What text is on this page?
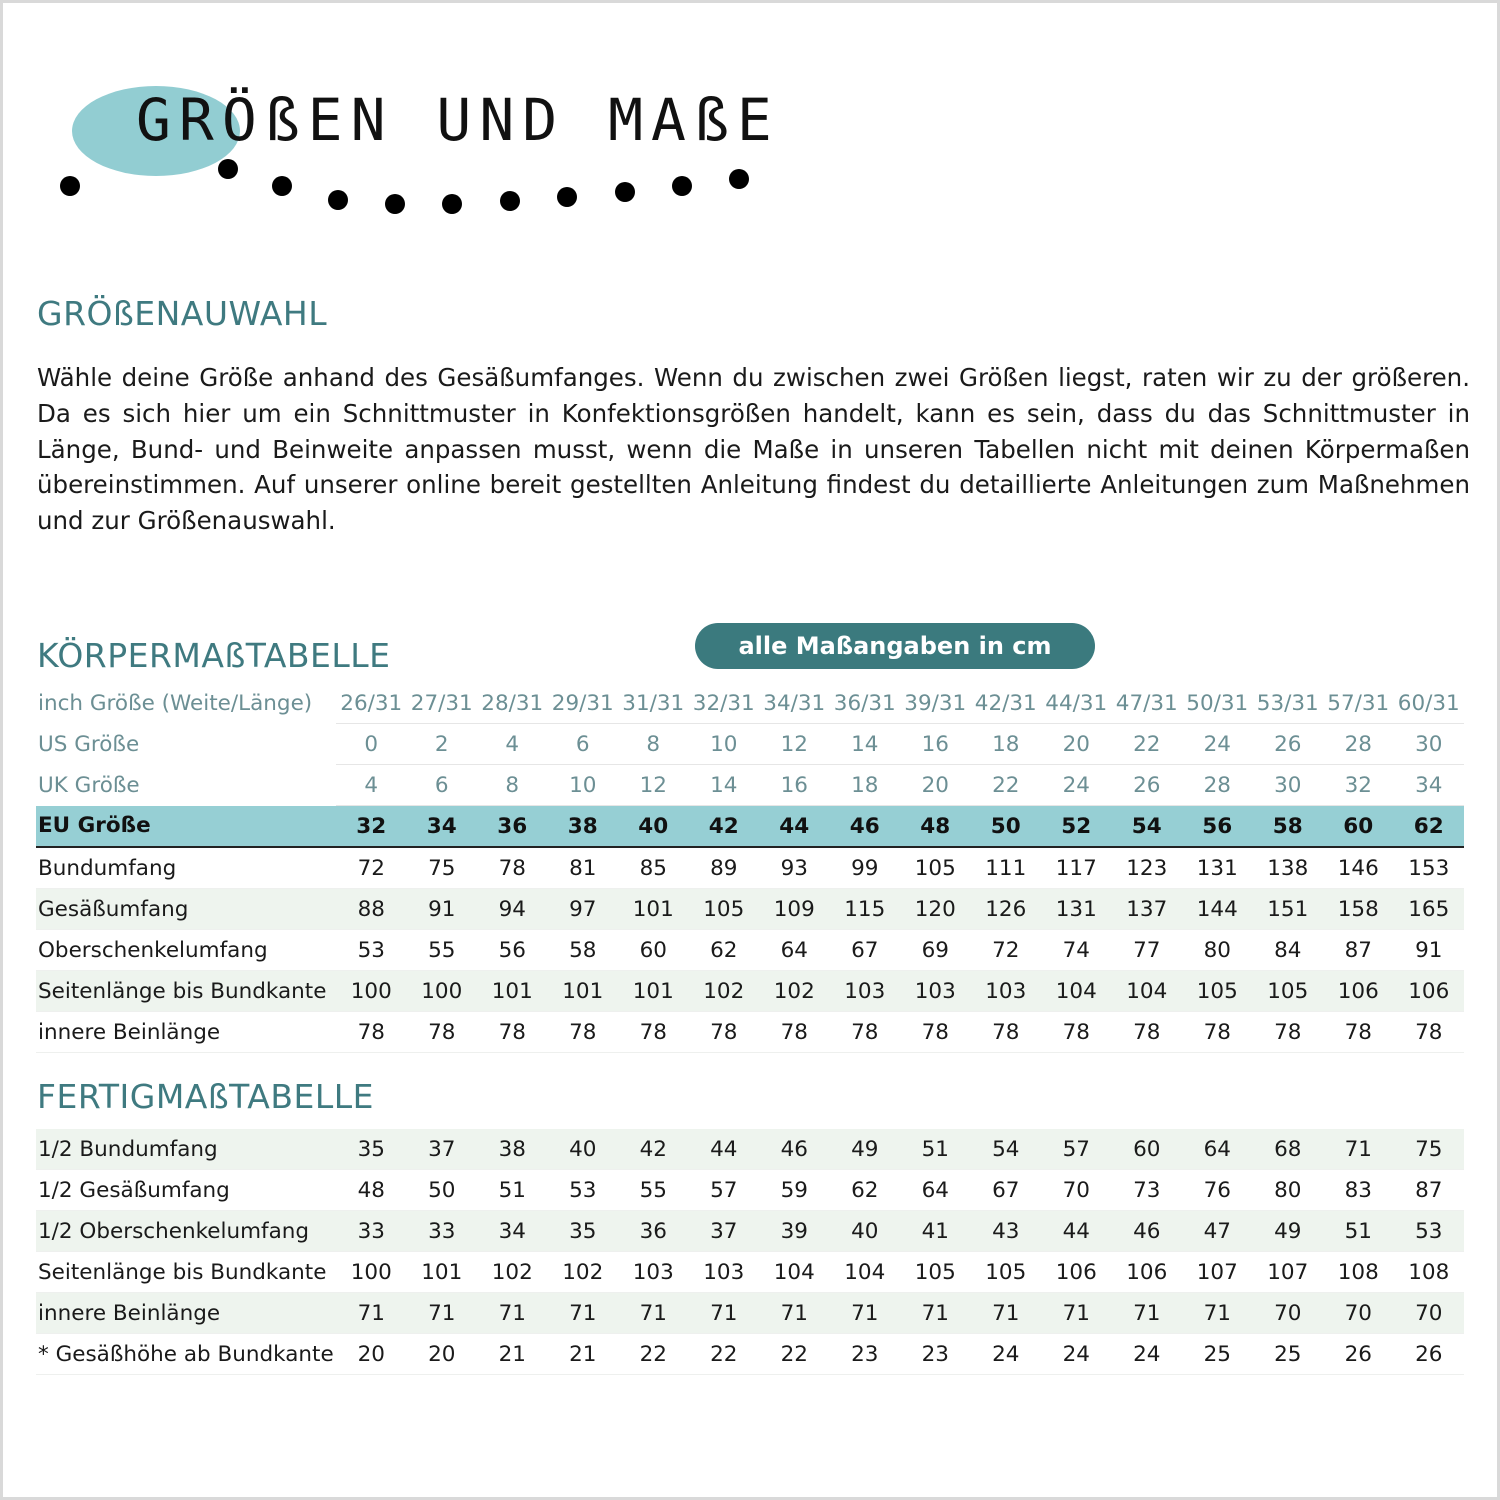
GRÖßEN UND MAßE
GRÖßENAUWAHL

Wähle deine Größe anhand des Gesäßumfanges. Wenn du zwischen zwei Größen liegst, raten wir zu der größeren. Da es sich hier um ein Schnittmuster in Konfektionsgrößen handelt, kann es sein, dass du das Schnittmuster in Länge, Bund- und Beinweite anpassen musst, wenn die Maße in unseren Tabellen nicht mit deinen Körpermaßen übereinstimmen. Auf unserer online bereit gestellten Anleitung findest du detaillierte Anleitungen zum Maßnehmen und zur Größenauswahl.

KÖRPERMAßTABELLE	alle Maßangaben in cm
inch Größe (Weite/Länge)	26/31	27/31	28/31	29/31	31/31	32/31	34/31	36/31	39/31	42/31	44/31	47/31	50/31	53/31	57/31	60/31
US Größe	0	2	4	6	8	10	12	14	16	18	20	22	24	26	28	30
UK Größe	4	6	8	10	12	14	16	18	20	22	24	26	28	30	32	34
EU Größe	32	34	36	38	40	42	44	46	48	50	52	54	56	58	60	62
Bundumfang	72	75	78	81	85	89	93	99	105	111	117	123	131	138	146	153
Gesäßumfang	88	91	94	97	101	105	109	115	120	126	131	137	144	151	158	165
Oberschenkelumfang	53	55	56	58	60	62	64	67	69	72	74	77	80	84	87	91
Seitenlänge bis Bundkante	100	100	101	101	101	102	102	103	103	103	104	104	105	105	106	106
innere Beinlänge	78	78	78	78	78	78	78	78	78	78	78	78	78	78	78	78
FERTIGMAßTABELLE
1/2 Bundumfang	35	37	38	40	42	44	46	49	51	54	57	60	64	68	71	75
1/2 Gesäßumfang	48	50	51	53	55	57	59	62	64	67	70	73	76	80	83	87
1/2 Oberschenkelumfang	33	33	34	35	36	37	39	40	41	43	44	46	47	49	51	53
Seitenlänge bis Bundkante	100	101	102	102	103	103	104	104	105	105	106	106	107	107	108	108
innere Beinlänge	71	71	71	71	71	71	71	71	71	71	71	71	71	70	70	70
* Gesäßhöhe ab Bundkante	20	20	21	21	22	22	22	23	23	24	24	24	25	25	26	26
